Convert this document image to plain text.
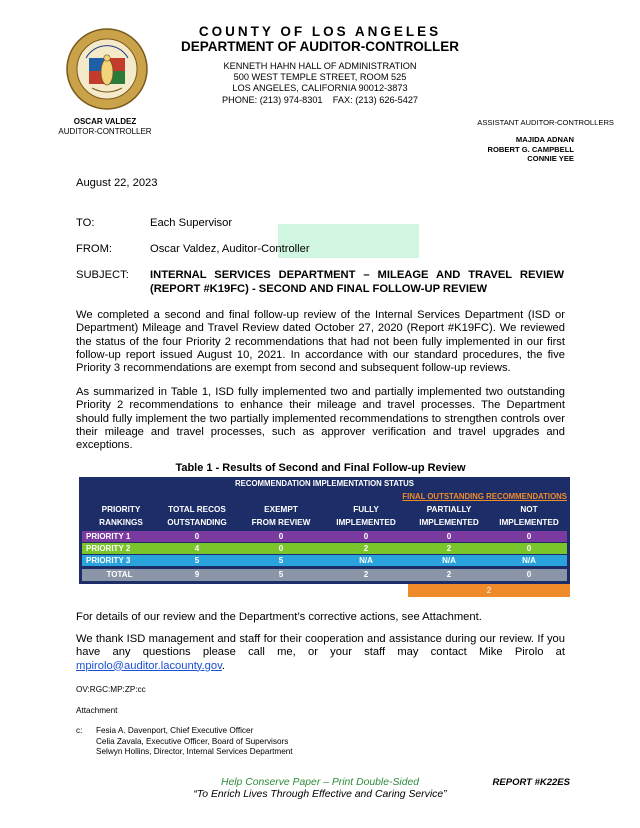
COUNTY OF LOS ANGELES
DEPARTMENT OF AUDITOR-CONTROLLER
KENNETH HAHN HALL OF ADMINISTRATION
500 WEST TEMPLE STREET, ROOM 525
LOS ANGELES, CALIFORNIA 90012-3873
PHONE: (213) 974-8301    FAX: (213) 626-5427
OSCAR VALDEZ
AUDITOR-CONTROLLER
ASSISTANT AUDITOR-CONTROLLERS
MAJIDA ADNAN
ROBERT G. CAMPBELL
CONNIE YEE
August 22, 2023
TO:	Each Supervisor
FROM:	Oscar Valdez, Auditor-Controller
SUBJECT: INTERNAL SERVICES DEPARTMENT – MILEAGE AND TRAVEL REVIEW (REPORT #K19FC) - SECOND AND FINAL FOLLOW-UP REVIEW
We completed a second and final follow-up review of the Internal Services Department (ISD or Department) Mileage and Travel Review dated October 27, 2020 (Report #K19FC). We reviewed the status of the four Priority 2 recommendations that had not been fully implemented in our first follow-up report issued August 10, 2021. In accordance with our standard procedures, the five Priority 3 recommendations are exempt from second and subsequent follow-up reviews.
As summarized in Table 1, ISD fully implemented two and partially implemented two outstanding Priority 2 recommendations to enhance their mileage and travel processes. The Department should fully implement the two partially implemented recommendations to strengthen controls over their mileage and travel processes, such as approver verification and travel upgrades and exceptions.
Table 1 - Results of Second and Final Follow-up Review
RECOMMENDATION IMPLEMENTATION STATUS
FINAL OUTSTANDING RECOMMENDATIONS
PRIORITY
RANKINGS
TOTAL RECOS
OUTSTANDING
EXEMPT
FROM REVIEW
FULLY
IMPLEMENTED
PARTIALLY
IMPLEMENTED
NOT
IMPLEMENTED
PRIORITY 1	0	0	0	0	0
PRIORITY 2	4	0	2	2	0
PRIORITY 3	5	5	N/A	N/A	N/A
TOTAL	9	5	2	2	0
2
For details of our review and the Department’s corrective actions, see Attachment.
We thank ISD management and staff for their cooperation and assistance during our review. If you have any questions please call me, or your staff may contact Mike Pirolo at mpirolo@auditor.lacounty.gov.
OV:RGC:MP:ZP:cc
Attachment
c: Fesia A. Davenport, Chief Executive Officer
Celia Zavala, Executive Officer, Board of Supervisors
Selwyn Hollins, Director, Internal Services Department
Help Conserve Paper – Print Double-Sided
“To Enrich Lives Through Effective and Caring Service”
REPORT #K22ES
